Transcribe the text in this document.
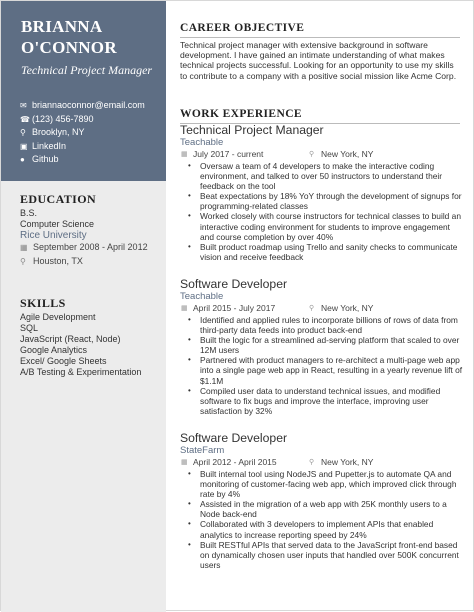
BRIANNA O'CONNOR
Technical Project Manager
✉ briannaoconnor@email.com
☎ (123) 456-7890
⚲ Brooklyn, NY
▣ LinkedIn
● Github
EDUCATION
B.S.
Computer Science
Rice University
▦ September 2008 - April 2012
⚲ Houston, TX
SKILLS
Agile Development
SQL
JavaScript (React, Node)
Google Analytics
Excel/ Google Sheets
A/B Testing & Experimentation
CAREER OBJECTIVE
Technical project manager with extensive background in software development. I have gained an intimate understanding of what makes technical projects successful. Looking for an opportunity to use my skills to contribute to a company with a positive social mission like Acme Corp.
WORK EXPERIENCE
Technical Project Manager
Teachable
▦ July 2017 - current	⚲ New York, NY
• Oversaw a team of 4 developers to make the interactive coding environment, and talked to over 50 instructors to understand their feedback on the tool
• Beat expectations by 18% YoY through the development of signups for programming-related classes
• Worked closely with course instructors for technical classes to build an interactive coding environment for students to improve engagement and course completion by over 40%
• Built product roadmap using Trello and sanity checks to communicate vision and receive feedback
Software Developer
Teachable
▦ April 2015 - July 2017	⚲ New York, NY
• Identified and applied rules to incorporate billions of rows of data from third-party data feeds into product back-end
• Built the logic for a streamlined ad-serving platform that scaled to over 12M users
• Partnered with product managers to re-architect a multi-page web app into a single page web app in React, resulting in a yearly revenue lift of $1.1M
• Compiled user data to understand technical issues, and modified software to fix bugs and improve the interface, improving user satisfaction by 32%
Software Developer
StateFarm
▦ April 2012 - April 2015	⚲ New York, NY
• Built internal tool using NodeJS and Pupetter.js to automate QA and monitoring of customer-facing web app, which improved click through rate by 4%
• Assisted in the migration of a web app with 25K monthly users to a Node back-end
• Collaborated with 3 developers to implement APIs that enabled analytics to increase reporting speed by 24%
• Built RESTful APIs that served data to the JavaScript front-end based on dynamically chosen user inputs that handled over 500K concurrent users
